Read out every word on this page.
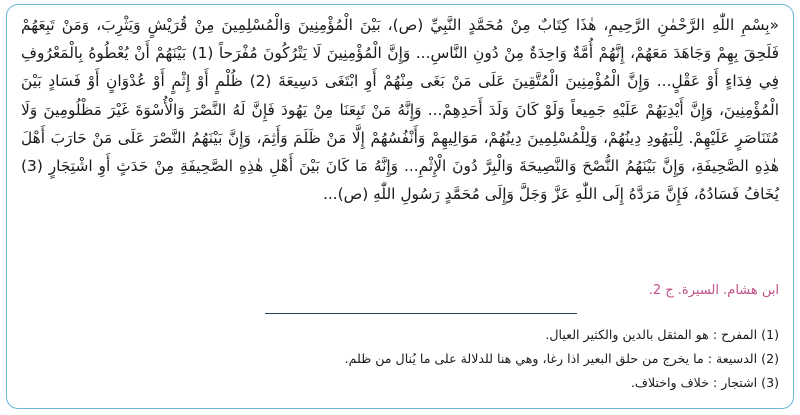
«بِسْمِ اللّٰهِ الرَّحْمٰنِ الرَّحِيمِ، هٰذَا كِتَابٌ مِنْ مُحَمَّدٍ النَّبِيِّ (ص)، بَيْنَ الْمُؤْمِنِينَ وَالْمُسْلِمِينَ مِنْ قُرَيْشٍ وَيَثْرِبَ، وَمَنْ تَبِعَهُمْ فَلَحِقَ بِهِمْ وَجَاهَدَ مَعَهُمْ، إِنَّهُمْ أُمَّةٌ وَاحِدَةٌ مِنْ دُونِ النَّاسِ... وَإِنَّ الْمُؤْمِنِينَ لَا يَتْرُكُونَ مُفْرَحاً (1) بَيْنَهُمْ أَنْ يُعْطُوهُ بِالْمَعْرُوفِ فِي فِدَاءٍ أَوْ عَقْلٍ... وَإِنَّ الْمُؤْمِنِينَ الْمُتَّقِينَ عَلَى مَنْ بَغَى مِنْهُمْ أَوِ ابْتَغَى دَسِيعَةَ (2) ظُلْمٍ أَوْ إِثْمٍ أَوْ عُدْوَانٍ أَوْ فَسَادٍ بَيْنَ الْمُؤْمِنِينَ، وَإِنَّ أَيْدِيَهُمْ عَلَيْهِ جَمِيعاً وَلَوْ كَانَ وَلَدَ أَحَدِهِمْ... وَإِنَّهُ مَنْ تَبِعَنَا مِنْ يَهُودَ فَإِنَّ لَهُ النَّصْرَ وَالْأُسْوَةَ غَيْرَ مَظْلُومِينَ وَلَا مُتَنَاصَرٍ عَلَيْهِمْ. لِلْيَهُودِ دِينُهُمْ، وَلِلْمُسْلِمِينَ دِينُهُمْ، مَوَالِيهِمْ وَأَنْفُسُهُمْ إِلَّا مَنْ ظَلَمَ وَأَثِمَ، وَإِنَّ بَيْنَهُمُ النَّصْرَ عَلَى مَنْ حَارَبَ أَهْلَ هٰذِهِ الصَّحِيفَةِ، وَإِنَّ بَيْنَهُمُ النُّصْحَ وَالنَّصِيحَةَ وَالْبِرَّ دُونَ الْإِثْمِ... وَإِنَّهُ مَا كَانَ بَيْنَ أَهْلِ هٰذِهِ الصَّحِيفَةِ مِنْ حَدَثٍ أَوِ اشْتِجَارٍ (3) يُخَافُ فَسَادُهُ، فَإِنَّ مَرَدَّهُ إِلَى اللّٰهِ عَزَّ وَجَلَّ وَإِلَى مُحَمَّدٍ رَسُولِ اللّٰهِ (ص)...

ابن هشام. السيرة. ج 2.

(1) المفرح : هو المثقل بالدين والكثير العيال.
(2) الدسيعة : ما يخرج من حلق البعير اذا رغا، وهي هنا للدلالة على ما يُنال من ظلم.
(3) اشتجار : خلاف واختلاف.
